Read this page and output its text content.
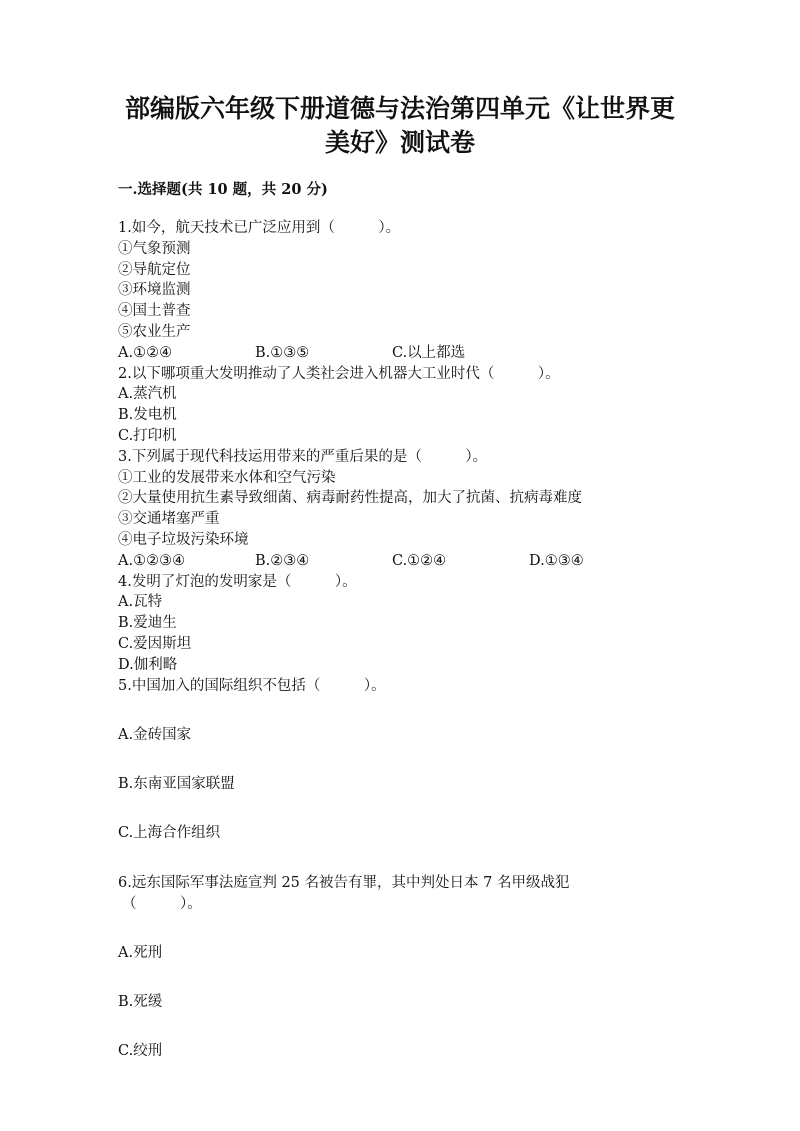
部编版六年级下册道德与法治第四单元《让世界更
美好》测试卷
一.选择题(共 10 题，共 20 分)
1.如今，航天技术已广泛应用到（　　　）。
①气象预测
②导航定位
③环境监测
④国土普查
⑤农业生产
A.①②④	B.①③⑤	C.以上都选
2.以下哪项重大发明推动了人类社会进入机器大工业时代（　　　）。
A.蒸汽机
B.发电机
C.打印机
3.下列属于现代科技运用带来的严重后果的是（　　　）。
①工业的发展带来水体和空气污染
②大量使用抗生素导致细菌、病毒耐药性提高，加大了抗菌、抗病毒难度
③交通堵塞严重
④电子垃圾污染环境
A.①②③④	B.②③④	C.①②④	D.①③④
4.发明了灯泡的发明家是（　　　）。
A.瓦特
B.爱迪生
C.爱因斯坦
D.伽利略
5.中国加入的国际组织不包括（　　　）。
A.金砖国家
B.东南亚国家联盟
C.上海合作组织
6.远东国际军事法庭宣判 25 名被告有罪，其中判处日本 7 名甲级战犯
（　　　）。
A.死刑
B.死缓
C.绞刑
